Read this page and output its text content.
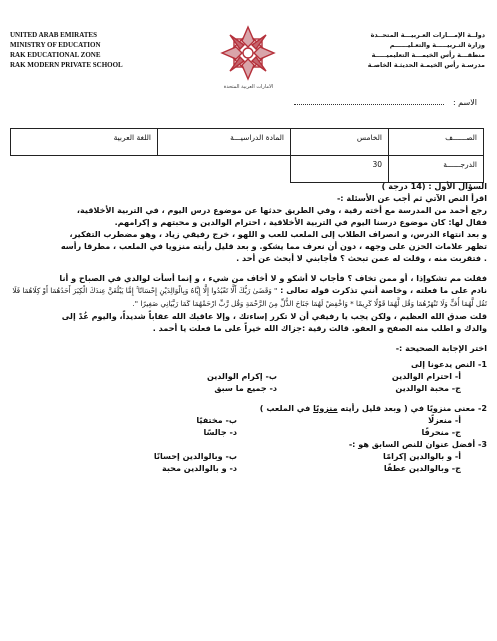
UNITED ARAB EMIRATES
MINISTRY OF EDUCATION
RAK EDUCATIONAL ZONE
RAK MODERN PRIVATE SCHOOL
الامارات العربية المتحدة
دولــة الإمـــارات العـربيـــة المتحــدة
وزارة التـربيـــــة والتعـليــــــم
منطقـــة رأس الخيمـــة التعليميـــــة
مدرسـة رأس الخيمـة الحديثـة الخاصـة
الاسم :
الصــــــف	الخامس	المادة الدراسيـــة	اللغة العربية
الدرجــــــة	30		

السؤال الأول : (14 درجة )

اقرأ النص الآتي ثم أجب عن الأسئلة :-

رجع أحمد من المدرسة مع أخته رقية ، وفي الطريق حدثها عن موضوع درس اليوم ، في التربية الأخلاقية،

فقال لها: كان موضوع درسنا اليوم في التربية الأخلاقية ، احترام الوالدين و محبتهم و إكرامهم.

و بعد انتهاء الدرس، و انصراف الطلاب إلى الملعب للعب و اللهو ، خرج رفيقي زياد ، وهو مضطرب التفكير،

تظهر علامات الحزن على وجهه ، دون أن نعرف مما يشكو. و بعد قليل رأيته منزويا في الملعب ، مطرقا رأسه

. فتقربت منه ، وقلت له عمن تبحث ؟ فأجابني لا أبحث عن أحد .

فقلت مم تشكوإذا ، أو ممن تخاف ؟ فأجاب لا أشكو و لا أخاف من شيء ، و إنما أسأت لوالدي في الصباح و أنا

نادم على ما فعلته ، وخاصة أنني تذكرت قوله تعالى : " وَقَضَىٰ رَبُّكَ أَلَّا تَعْبُدُوا إِلَّا إِيَّاهُ وَبِالْوَالِدَيْنِ إِحْسَانًا ۚ إِمَّا يَبْلُغَنَّ عِندَكَ الْكِبَرَ أَحَدُهُمَا أَوْ كِلَاهُمَا فَلَا تَقُل لَّهُمَا أُفٍّ وَلَا تَنْهَرْهُمَا وَقُل لَّهُمَا قَوْلًا كَرِيمًا * وَاخْفِضْ لَهُمَا جَنَاحَ الذُّلِّ مِنَ الرَّحْمَةِ وَقُل رَّبِّ ارْحَمْهُمَا كَمَا رَبَّيَانِي صَغِيرًا ".

قلت صدق الله العظيم ، ولكن يجب يا رفيقي أن لا تكرر إساءتك ، وإلا عاقبك الله عقاباً شديداً، واليوم عُدْ إلى

والدك و اطلب منه الصفح و العفو. قالت رقية :جزاك الله خيراً على ما فعلت يا أحمد .

اختر الإجابة الصحيحة :-

1- النص يدعونا إلى

أ- احترام الوالدين
ب- إكرام الوالدين
ج- محبة الوالدين
د- جميع ما سبق

2- معنى منزويًا في ( وبعد قليل رأيته منزويًا في الملعب )

أ- منعزلًا
ب- مختفيًا
ج- منحرفًا
د- جالسًا

3- أفضل عنوان للنص السابق هو :-

أ- و بالوالدين إكرامًا
ب- وبالوالدين إحسانًا
ج- وبالوالدين عطفًا
د- و بالوالدين محبة
